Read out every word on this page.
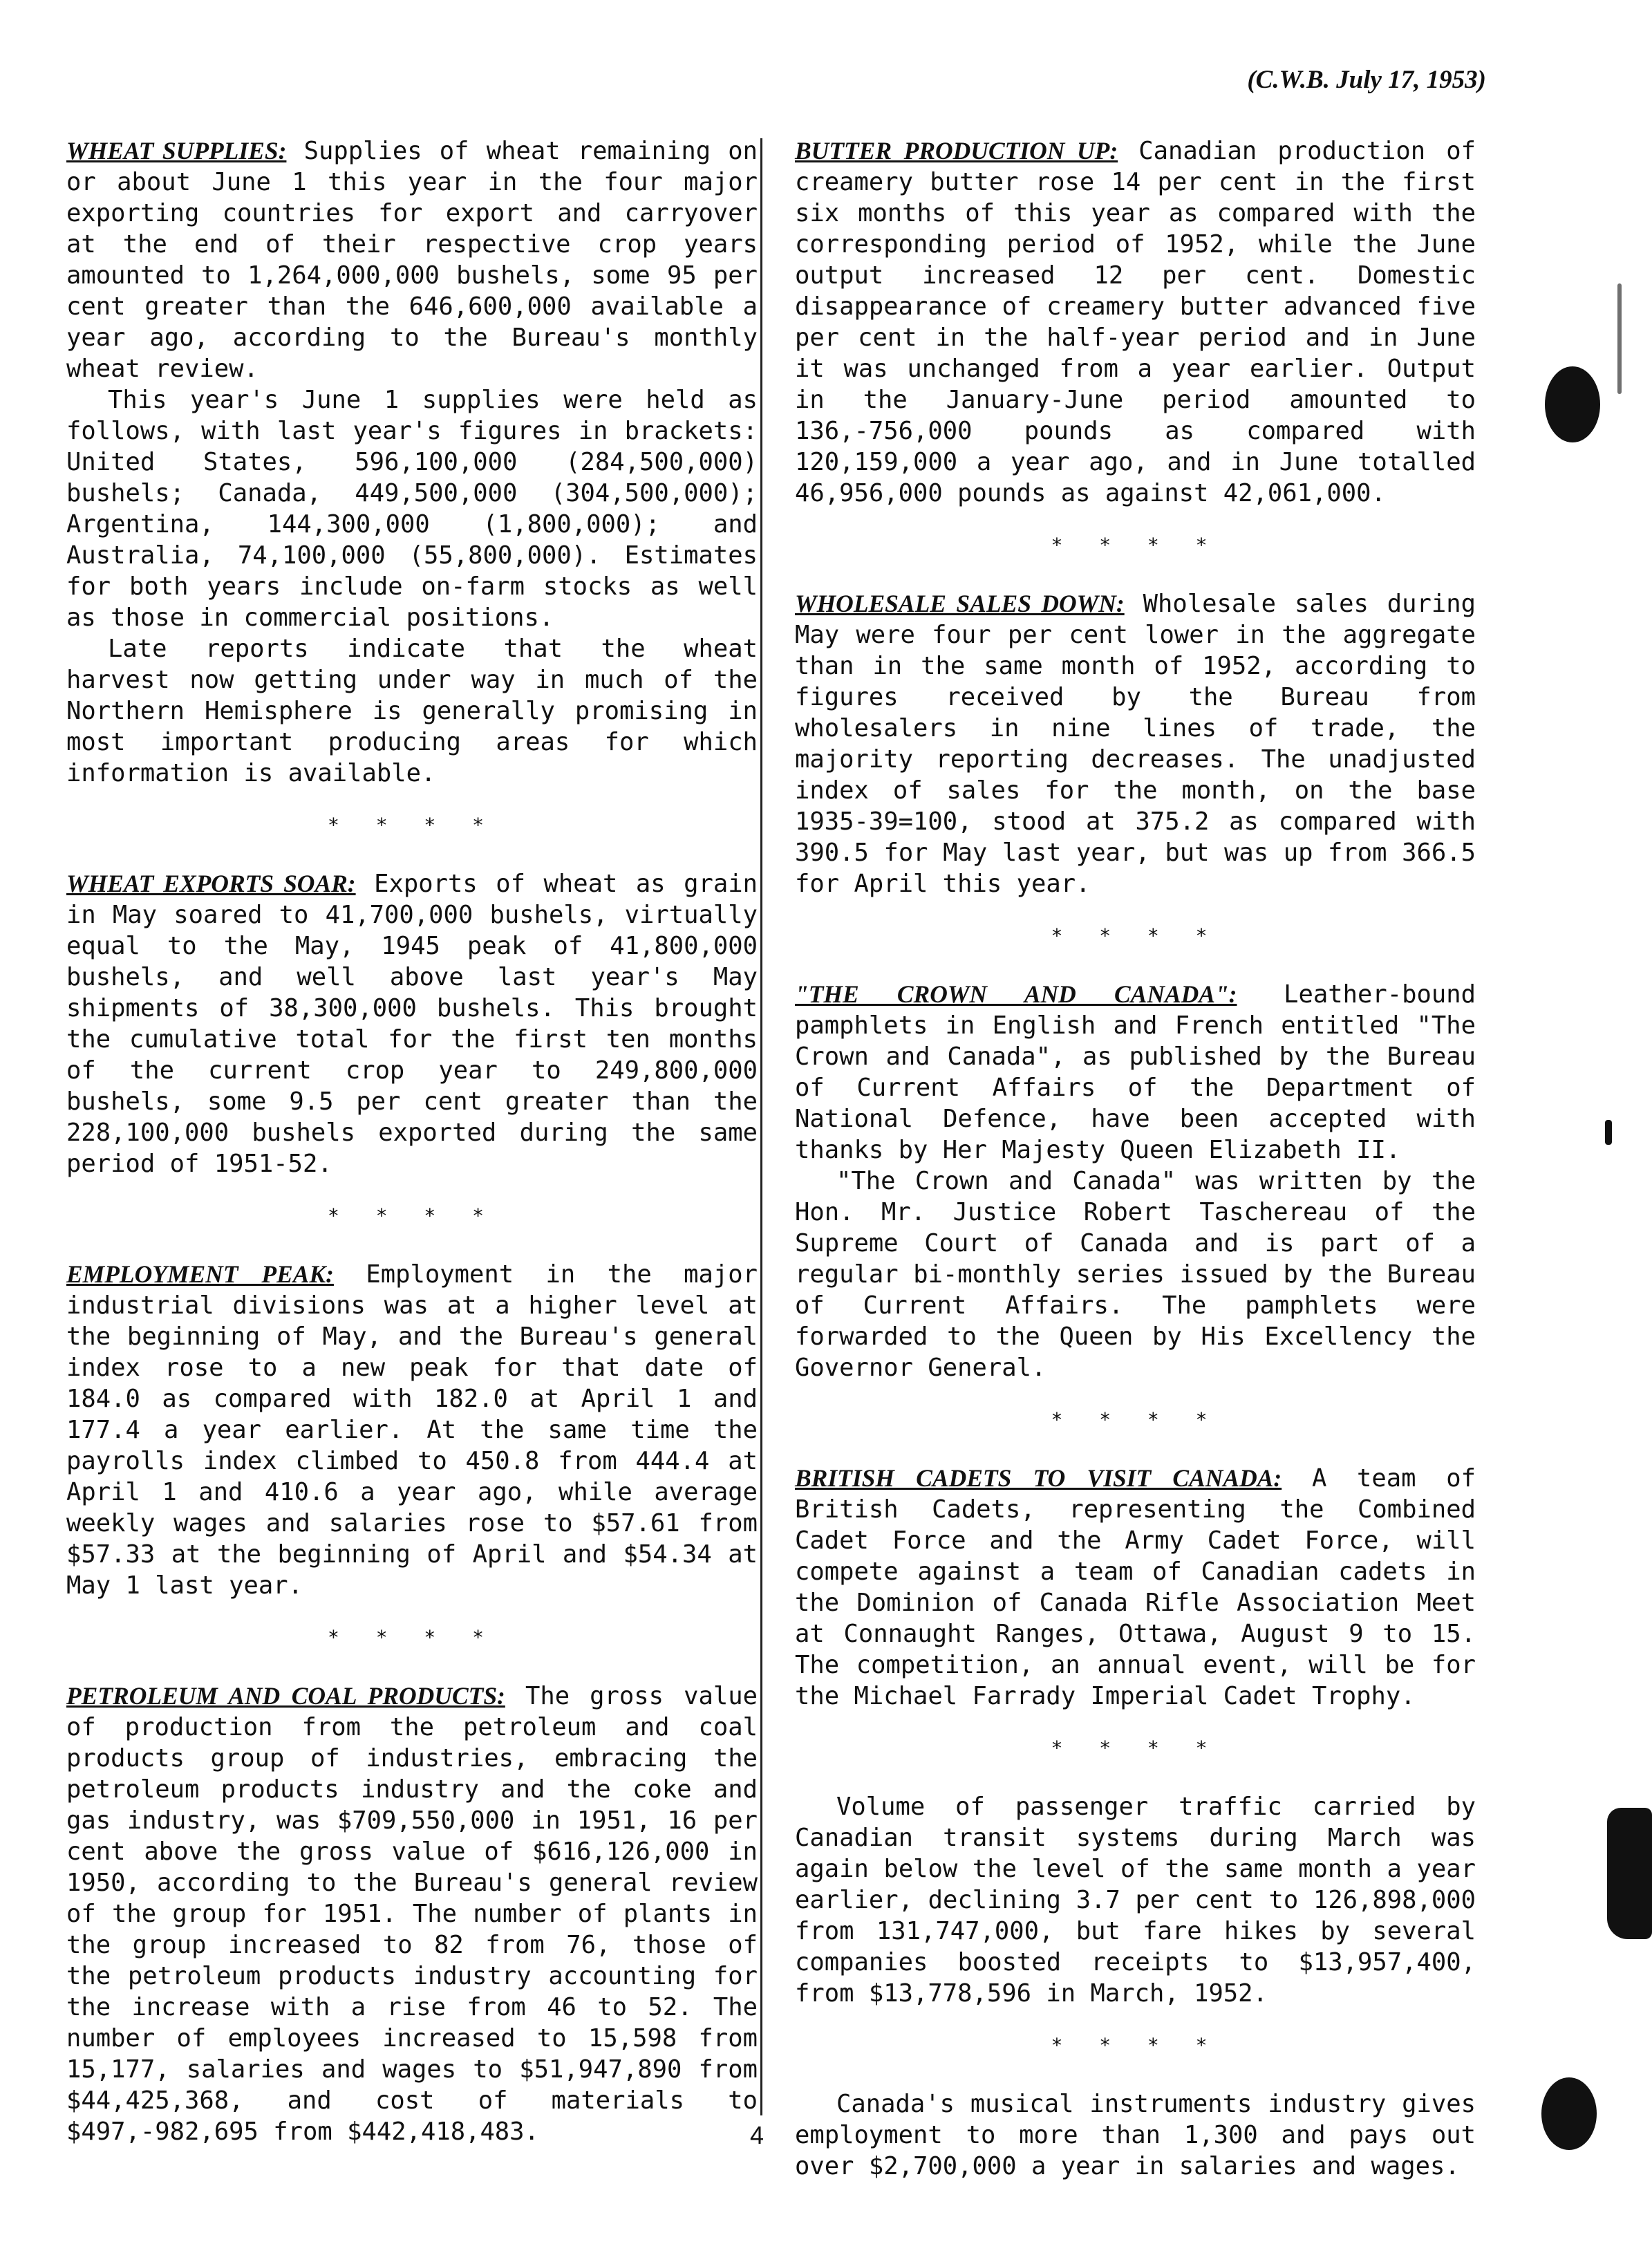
(C.W.B. July 17, 1953)

WHEAT SUPPLIES: Supplies of wheat remaining on or about June 1 this year in the four major exporting countries for export and carryover at the end of their respective crop years amounted to 1,264,000,000 bushels, some 95 per cent greater than the 646,600,000 available a year ago, according to the Bureau's monthly wheat review.

This year's June 1 supplies were held as follows, with last year's figures in brackets: United States, 596,100,000 (284,500,000) bushels; Canada, 449,500,000 (304,500,000); Argentina, 144,300,000 (1,800,000); and Australia, 74,100,000 (55,800,000). Estimates for both years include on-farm stocks as well as those in commercial positions.

Late reports indicate that the wheat harvest now getting under way in much of the Northern Hemisphere is generally promising in most important producing areas for which information is available.

* * * *

WHEAT EXPORTS SOAR: Exports of wheat as grain in May soared to 41,700,000 bushels, virtually equal to the May, 1945 peak of 41,800,000 bushels, and well above last year's May shipments of 38,300,000 bushels. This brought the cumulative total for the first ten months of the current crop year to 249,800,000 bushels, some 9.5 per cent greater than the 228,100,000 bushels exported during the same period of 1951-52.

* * * *

EMPLOYMENT PEAK: Employment in the major industrial divisions was at a higher level at the beginning of May, and the Bureau's general index rose to a new peak for that date of 184.0 as compared with 182.0 at April 1 and 177.4 a year earlier. At the same time the payrolls index climbed to 450.8 from 444.4 at April 1 and 410.6 a year ago, while average weekly wages and salaries rose to $57.61 from $57.33 at the beginning of April and $54.34 at May 1 last year.

* * * *

PETROLEUM AND COAL PRODUCTS: The gross value of production from the petroleum and coal products group of industries, embracing the petroleum products industry and the coke and gas industry, was $709,550,000 in 1951, 16 per cent above the gross value of $616,126,000 in 1950, according to the Bureau's general review of the group for 1951. The number of plants in the group increased to 82 from 76, those of the petroleum products industry accounting for the increase with a rise from 46 to 52. The number of employees increased to 15,598 from 15,177, salaries and wages to $51,947,890 from $44,425,368, and cost of materials to $497,-982,695 from $442,418,483.

BUTTER PRODUCTION UP: Canadian production of creamery butter rose 14 per cent in the first six months of this year as compared with the corresponding period of 1952, while the June output increased 12 per cent. Domestic disappearance of creamery butter advanced five per cent in the half-year period and in June it was unchanged from a year earlier. Output in the January-June period amounted to 136,-756,000 pounds as compared with 120,159,000 a year ago, and in June totalled 46,956,000 pounds as against 42,061,000.

* * * *

WHOLESALE SALES DOWN: Wholesale sales during May were four per cent lower in the aggregate than in the same month of 1952, according to figures received by the Bureau from wholesalers in nine lines of trade, the majority reporting decreases. The unadjusted index of sales for the month, on the base 1935-39=100, stood at 375.2 as compared with 390.5 for May last year, but was up from 366.5 for April this year.

* * * *

"THE CROWN AND CANADA": Leather-bound pamphlets in English and French entitled "The Crown and Canada", as published by the Bureau of Current Affairs of the Department of National Defence, have been accepted with thanks by Her Majesty Queen Elizabeth II.

"The Crown and Canada" was written by the Hon. Mr. Justice Robert Taschereau of the Supreme Court of Canada and is part of a regular bi-monthly series issued by the Bureau of Current Affairs. The pamphlets were forwarded to the Queen by His Excellency the Governor General.

* * * *

BRITISH CADETS TO VISIT CANADA: A team of British Cadets, representing the Combined Cadet Force and the Army Cadet Force, will compete against a team of Canadian cadets in the Dominion of Canada Rifle Association Meet at Connaught Ranges, Ottawa, August 9 to 15. The competition, an annual event, will be for the Michael Farrady Imperial Cadet Trophy.

* * * *

Volume of passenger traffic carried by Canadian transit systems during March was again below the level of the same month a year earlier, declining 3.7 per cent to 126,898,000 from 131,747,000, but fare hikes by several companies boosted receipts to $13,957,400, from $13,778,596 in March, 1952.

* * * *

Canada's musical instruments industry gives employment to more than 1,300 and pays out over $2,700,000 a year in salaries and wages.

4
